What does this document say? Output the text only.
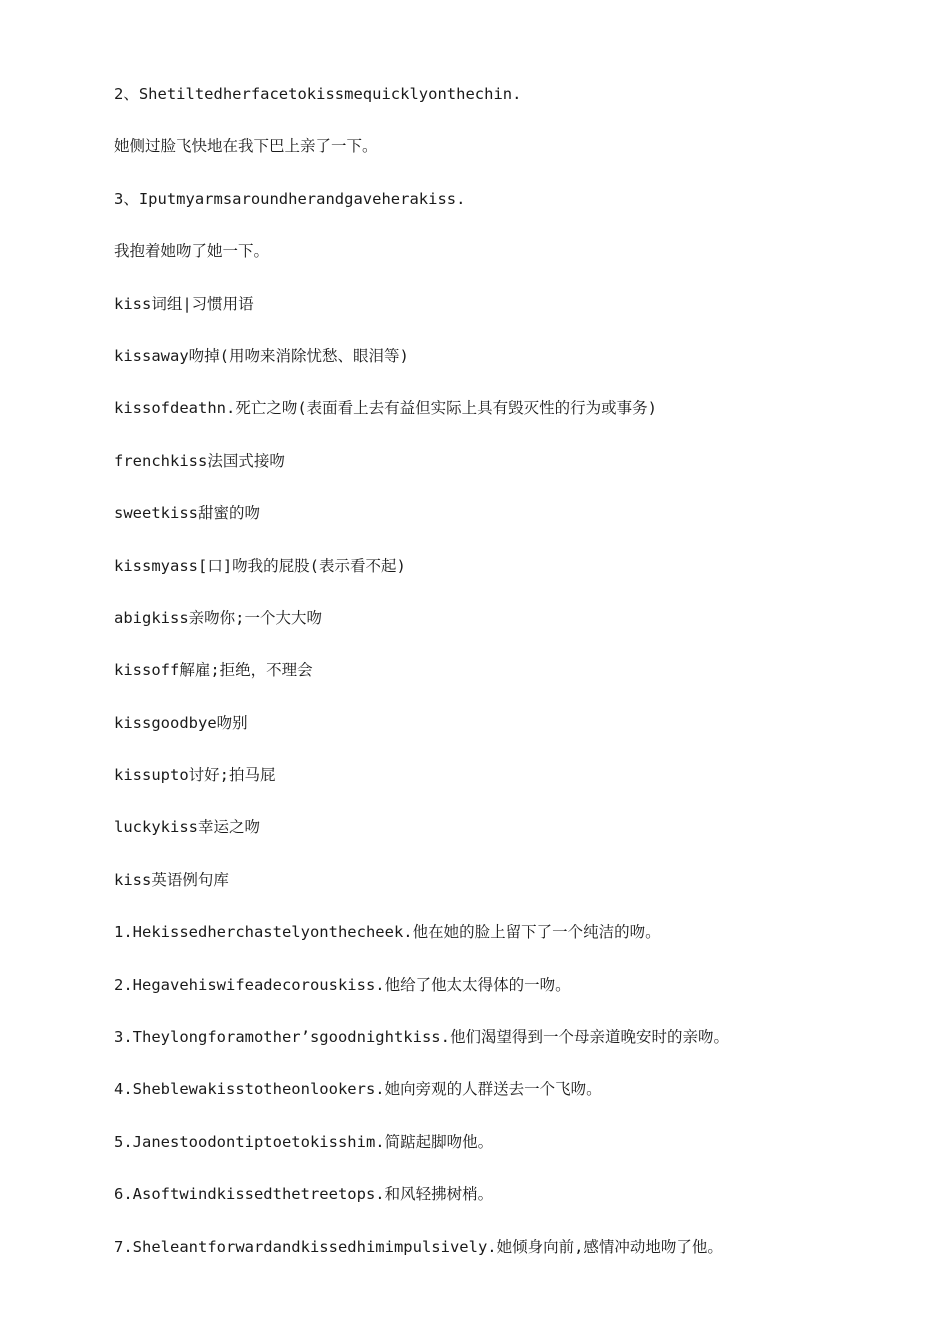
2、Shetiltedherfacetokissmequicklyonthechin.
她侧过脸飞快地在我下巴上亲了一下。
3、Iputmyarmsaroundherandgaveherakiss.
我抱着她吻了她一下。
kiss词组|习惯用语
kissaway吻掉(用吻来消除忧愁、眼泪等)
kissofdeathn.死亡之吻(表面看上去有益但实际上具有毁灭性的行为或事务)
frenchkiss法国式接吻
sweetkiss甜蜜的吻
kissmyass[口]吻我的屁股(表示看不起)
abigkiss亲吻你;一个大大吻
kissoff解雇;拒绝，不理会
kissgoodbye吻别
kissupto讨好;拍马屁
luckykiss幸运之吻
kiss英语例句库
1.Hekissedherchastelyonthecheek.他在她的脸上留下了一个纯洁的吻。
2.Hegavehiswifeadecorouskiss.他给了他太太得体的一吻。
3.Theylongforamother’sgoodnightkiss.他们渴望得到一个母亲道晚安时的亲吻。
4.Sheblewakisstotheonlookers.她向旁观的人群送去一个飞吻。
5.Janestoodontiptoetokisshim.简踮起脚吻他。
6.Asoftwindkissedthetreetops.和风轻拂树梢。
7.Sheleantforwardandkissedhimimpulsively.她倾身向前,感情冲动地吻了他。
